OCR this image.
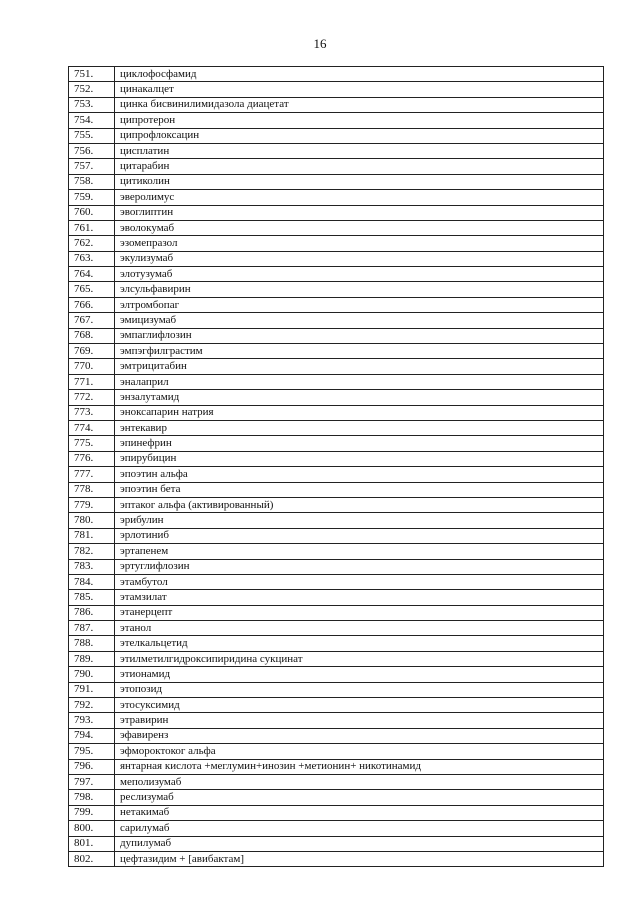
16
751.	циклофосфамид
752.	цинакалцет
753.	цинка бисвинилимидазола диацетат
754.	ципротерон
755.	ципрофлоксацин
756.	цисплатин
757.	цитарабин
758.	цитиколин
759.	эверолимус
760.	эвоглиптин
761.	эволокумаб
762.	эзомепразол
763.	экулизумаб
764.	элотузумаб
765.	элсульфавирин
766.	элтромбопаг
767.	эмицизумаб
768.	эмпаглифлозин
769.	эмпэгфилграстим
770.	эмтрицитабин
771.	эналаприл
772.	энзалутамид
773.	эноксапарин натрия
774.	энтекавир
775.	эпинефрин
776.	эпирубицин
777.	эпоэтин альфа
778.	эпоэтин бета
779.	эптаког альфа (активированный)
780.	эрибулин
781.	эрлотиниб
782.	эртапенем
783.	эртуглифлозин
784.	этамбутол
785.	этамзилат
786.	этанерцепт
787.	этанол
788.	этелкальцетид
789.	этилметилгидроксипиридина сукцинат
790.	этионамид
791.	этопозид
792.	этосуксимид
793.	этравирин
794.	эфавиренз
795.	эфмороктоког альфа
796.	янтарная кислота +меглумин+инозин +метионин+ никотинамид
797.	меполизумаб
798.	реслизумаб
799.	нетакимаб
800.	сарилумаб
801.	дупилумаб
802.	цефтазидим + [авибактам]
